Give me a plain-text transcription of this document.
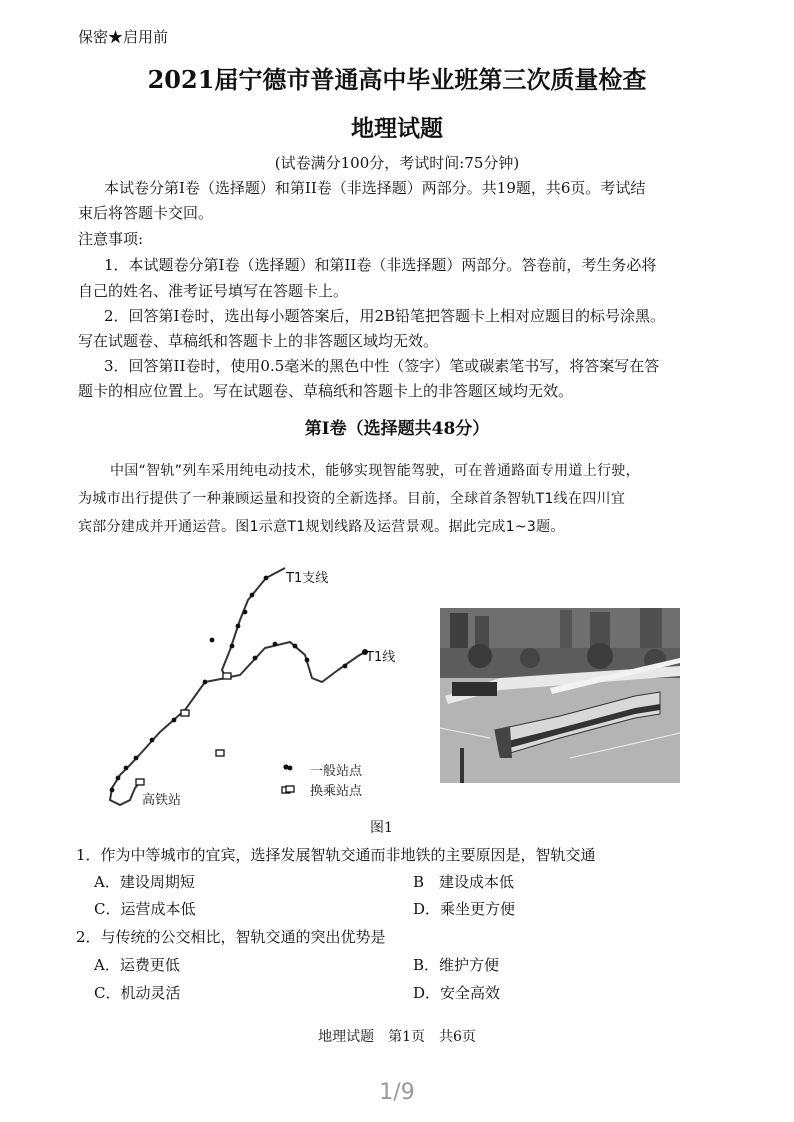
保密★启用前
2021届宁德市普通高中毕业班第三次质量检查
地理试题
(试卷满分100分，考试时间:75分钟)
本试卷分第I卷（选择题）和第II卷（非选择题）两部分。共19题，共6页。考试结
束后将答题卡交回。
注意事项:
1．本试题卷分第I卷（选择题）和第II卷（非选择题）两部分。答卷前，考生务必将
自己的姓名、准考证号填写在答题卡上。
2．回答第I卷时，选出每小题答案后，用2B铅笔把答题卡上相对应题目的标号涂黑。
写在试题卷、草稿纸和答题卡上的非答题区域均无效。
3．回答第II卷时，使用0.5毫米的黑色中性（签字）笔或碳素笔书写，将答案写在答
题卡的相应位置上。写在试题卷、草稿纸和答题卡上的非答题区域均无效。
第I卷（选择题共48分）
中国“智轨”列车采用纯电动技术，能够实现智能驾驶，可在普通路面专用道上行驶，
为城市出行提供了一种兼顾运量和投资的全新选择。目前，全球首条智轨T1线在四川宜
宾部分建成并开通运营。图1示意T1规划线路及运营景观。据此完成1~3题。
T1支线
T1线
高铁站
一般站点
换乘站点
图1
1．作为中等城市的宜宾，选择发展智轨交通而非地铁的主要原因是，智轨交通
A．建设周期短	B　建设成本低
C．运营成本低	D．乘坐更方便
2．与传统的公交相比，智轨交通的突出优势是
A．运费更低	B．维护方便
C．机动灵活	D．安全高效
地理试题　第1页　共6页
1/9
